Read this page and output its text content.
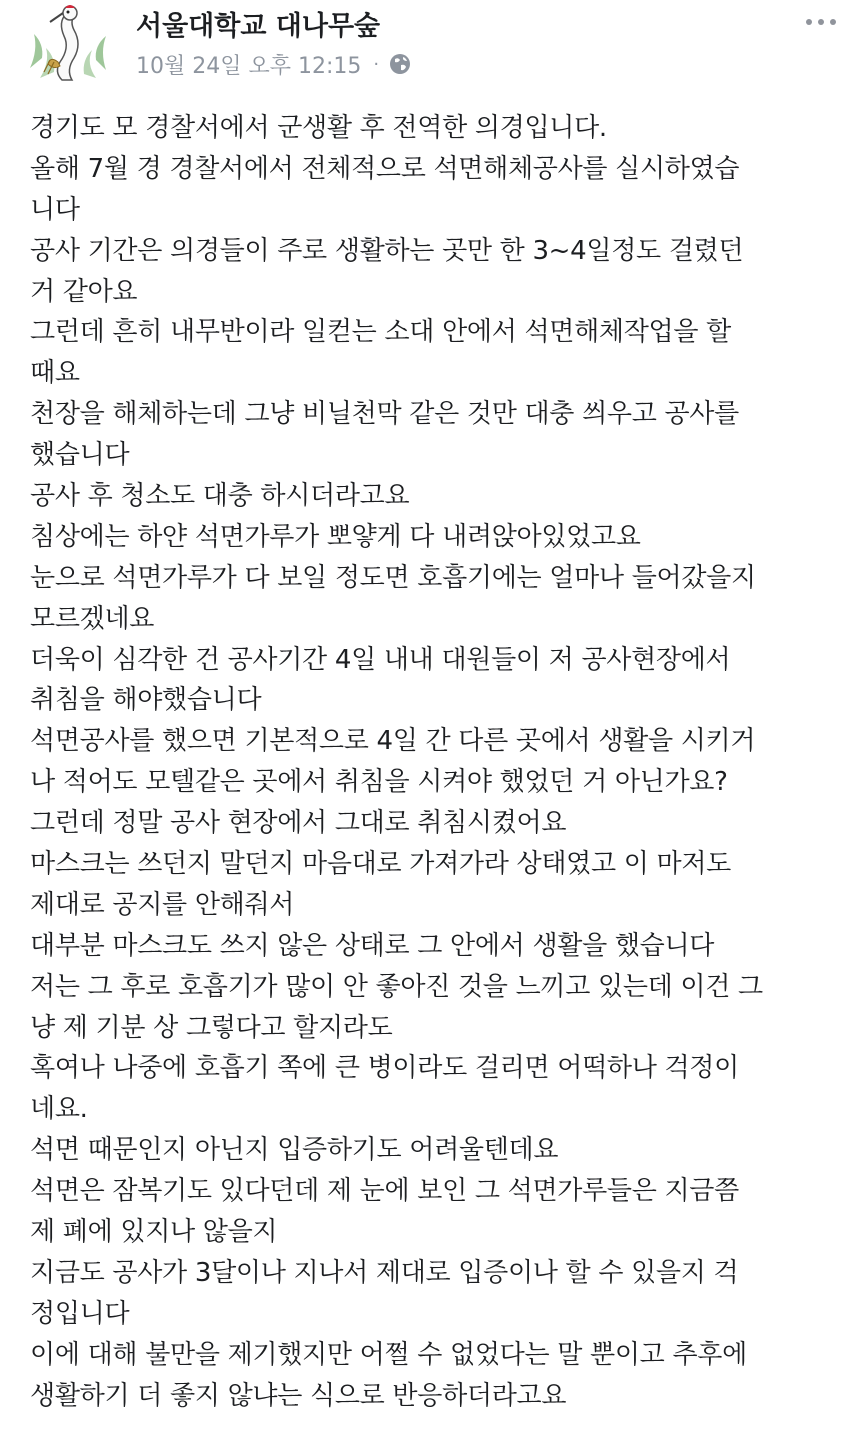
서울대학교 대나무숲
10월 24일 오후 12:15 ·
경기도 모 경찰서에서 군생활 후 전역한 의경입니다.
올해 7월 경 경찰서에서 전체적으로 석면해체공사를 실시하였습
니다
공사 기간은 의경들이 주로 생활하는 곳만 한 3~4일정도 걸렸던
거 같아요
그런데 흔히 내무반이라 일컫는 소대 안에서 석면해체작업을 할
때요
천장을 해체하는데 그냥 비닐천막 같은 것만 대충 씌우고 공사를
했습니다
공사 후 청소도 대충 하시더라고요
침상에는 하얀 석면가루가 뽀얗게 다 내려앉아있었고요
눈으로 석면가루가 다 보일 정도면 호흡기에는 얼마나 들어갔을지
모르겠네요
더욱이 심각한 건 공사기간 4일 내내 대원들이 저 공사현장에서
취침을 해야했습니다
석면공사를 했으면 기본적으로 4일 간 다른 곳에서 생활을 시키거
나 적어도 모텔같은 곳에서 취침을 시켜야 했었던 거 아닌가요?
그런데 정말 공사 현장에서 그대로 취침시켰어요
마스크는 쓰던지 말던지 마음대로 가져가라 상태였고 이 마저도
제대로 공지를 안해줘서
대부분 마스크도 쓰지 않은 상태로 그 안에서 생활을 했습니다
저는 그 후로 호흡기가 많이 안 좋아진 것을 느끼고 있는데 이건 그
냥 제 기분 상 그렇다고 할지라도
혹여나 나중에 호흡기 쪽에 큰 병이라도 걸리면 어떡하나 걱정이
네요.
석면 때문인지 아닌지 입증하기도 어려울텐데요
석면은 잠복기도 있다던데 제 눈에 보인 그 석면가루들은 지금쯤
제 폐에 있지나 않을지
지금도 공사가 3달이나 지나서 제대로 입증이나 할 수 있을지 걱
정입니다
이에 대해 불만을 제기했지만 어쩔 수 없었다는 말 뿐이고 추후에
생활하기 더 좋지 않냐는 식으로 반응하더라고요
